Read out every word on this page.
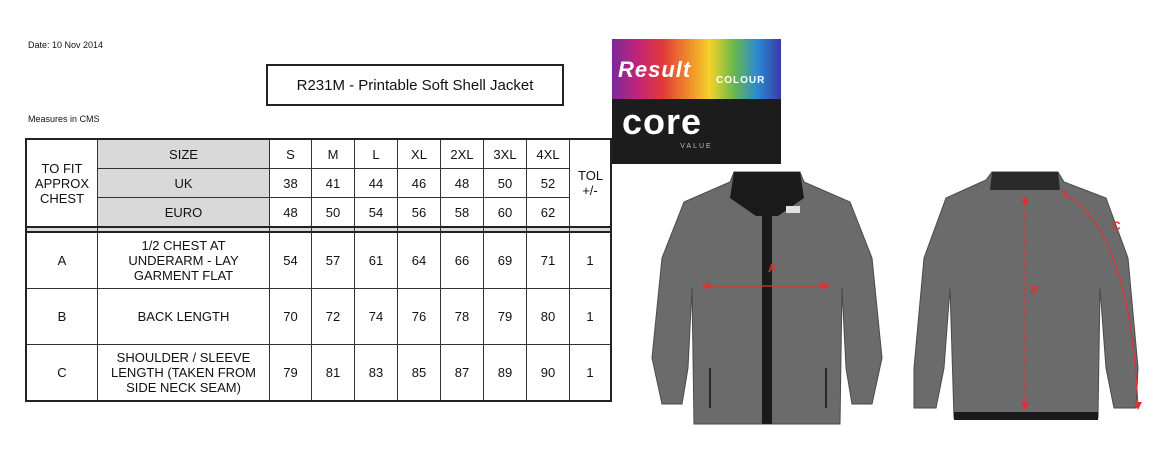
Date: 10 Nov 2014
R231M - Printable Soft Shell Jacket
Measures in CMS
TO FIT APPROX CHEST	SIZE	S	M	L	XL	2XL	3XL	4XL	TOL +/-

	UK	38	41	44	46	48	50	52	
	EURO	48	50	54	56	58	60	62	

A	1/2 CHEST AT UNDERARM - LAY GARMENT FLAT	54	57	61	64	66	69	71	1
B	BACK LENGTH	70	72	74	76	78	79	80	1
C	SHOULDER / SLEEVE LENGTH (TAKEN FROM SIDE NECK SEAM)	79	81	83	85	87	89	90	1
Result COLOUR
core
VALUE
A
B
C
